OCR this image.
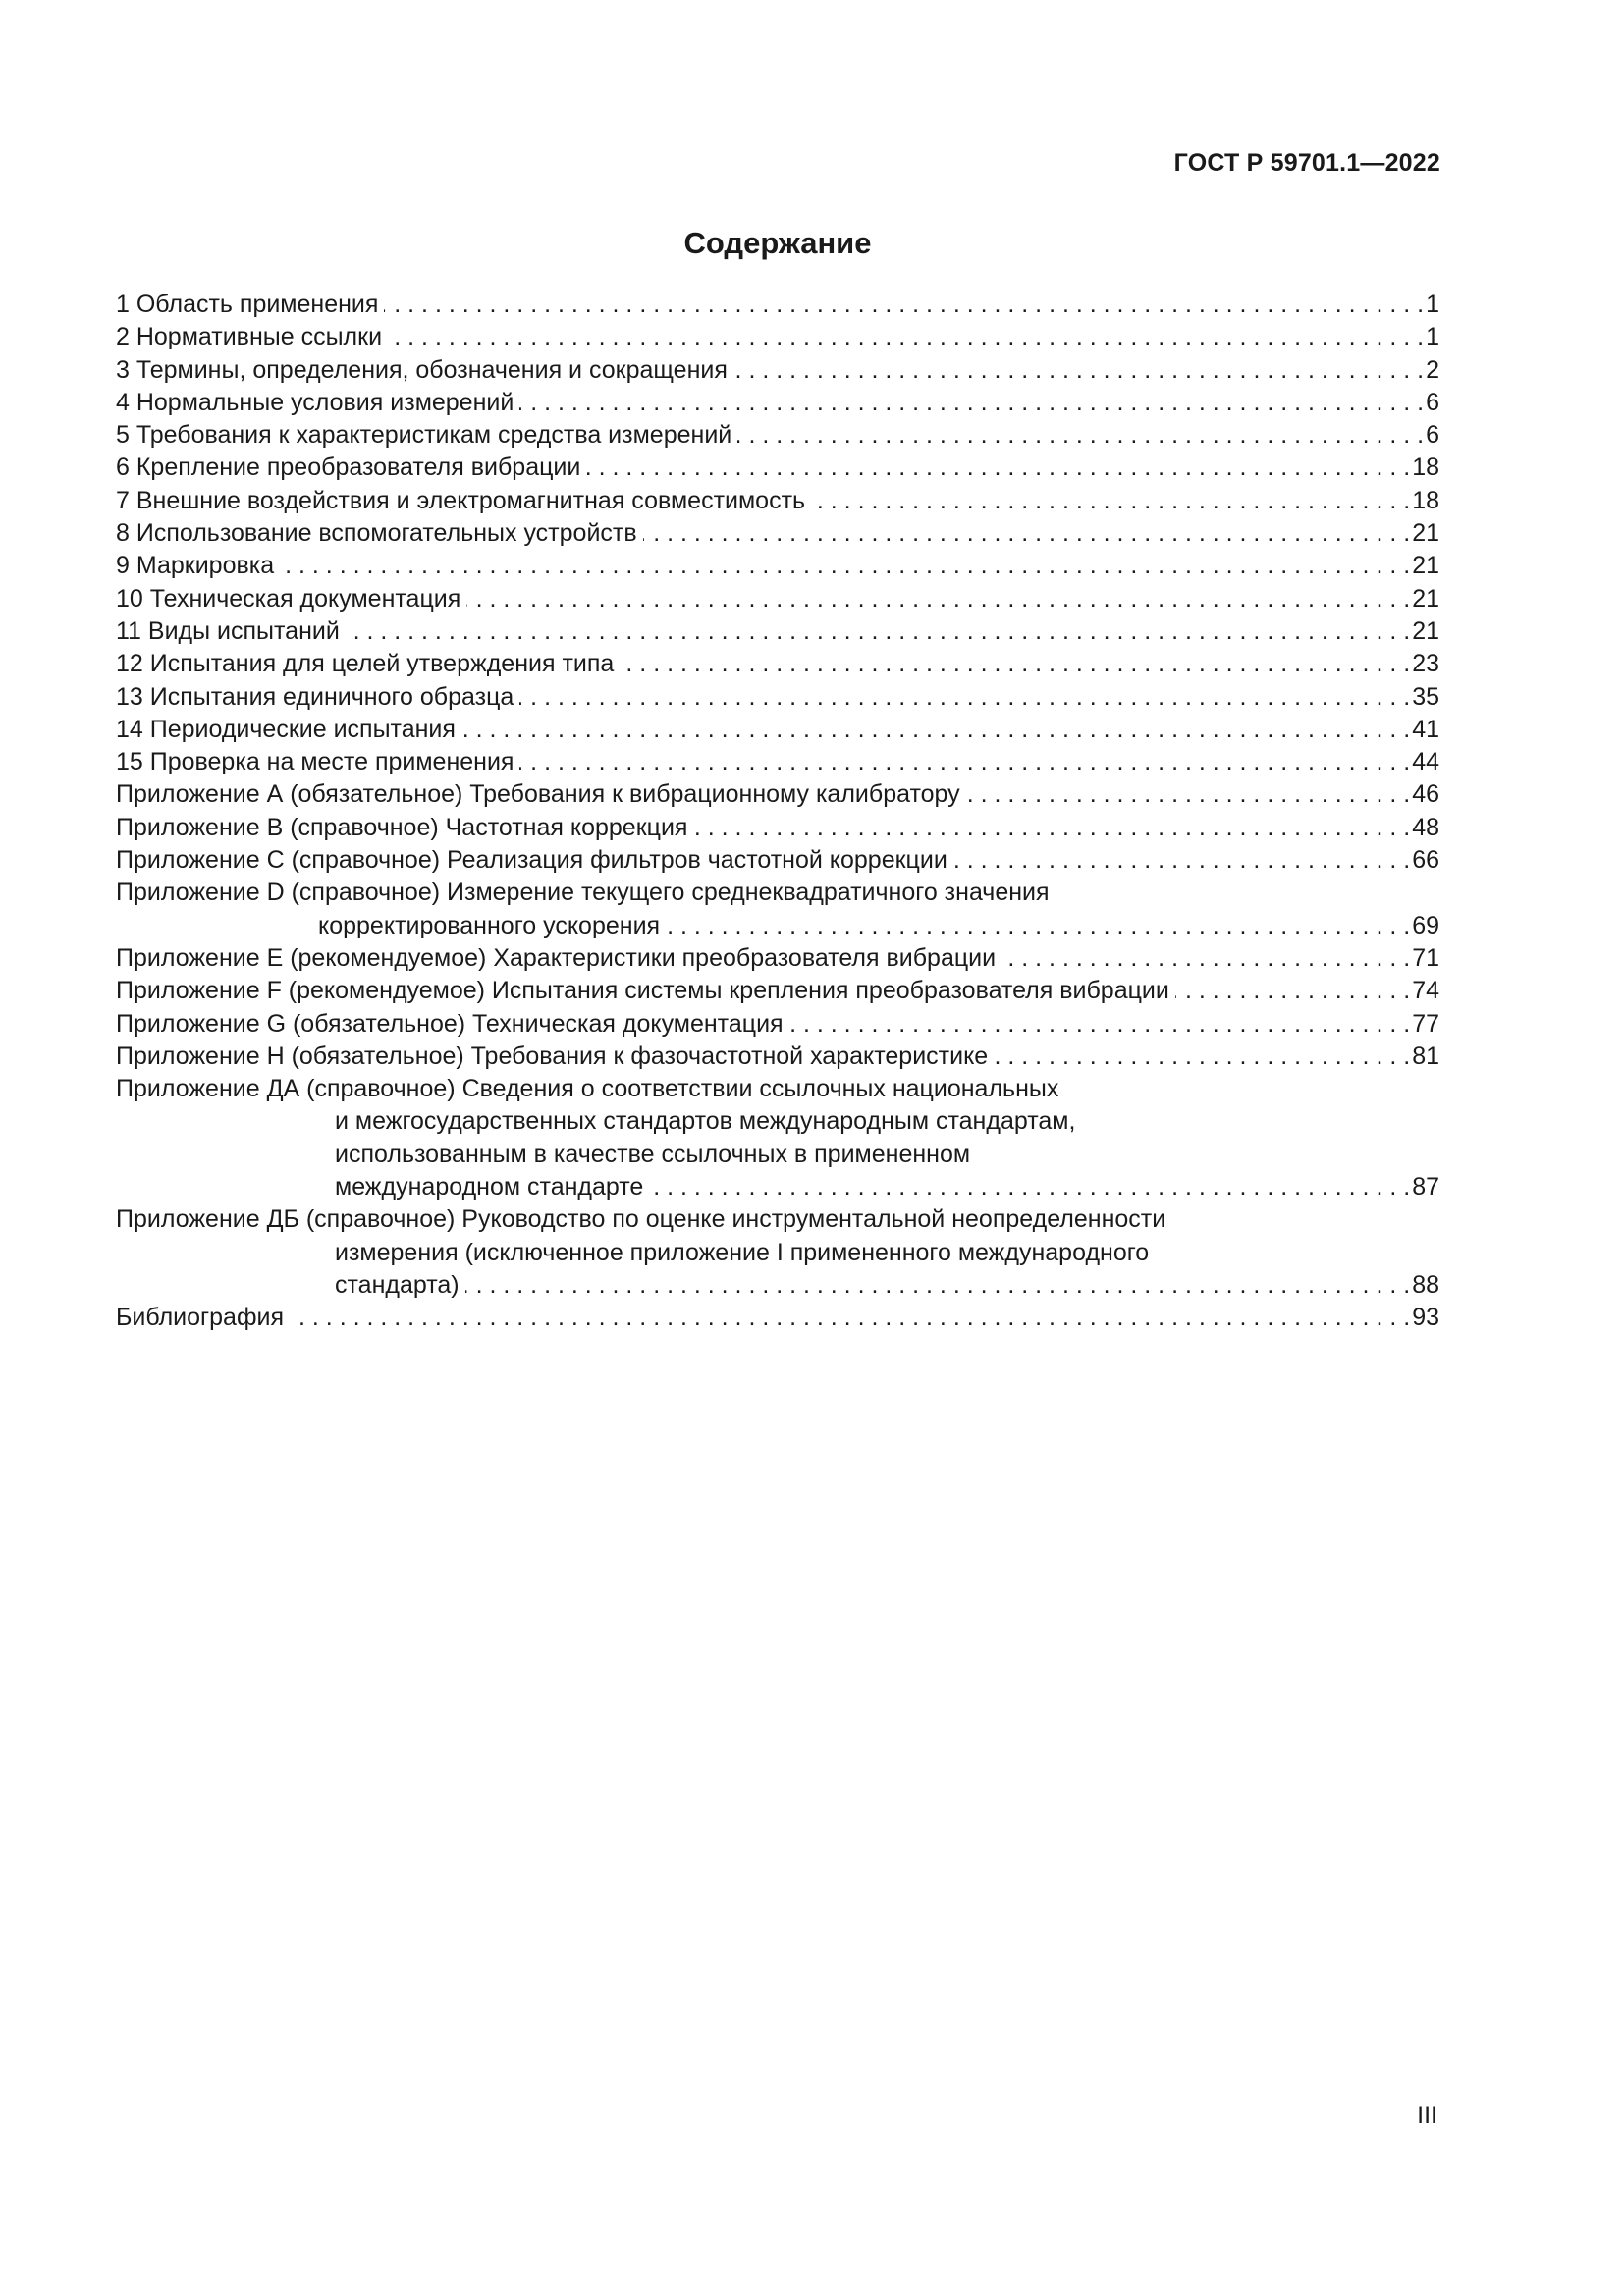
ГОСТ Р 59701.1—2022
Содержание
1 Область применения . . .	1
2 Нормативные ссылки . . .	1
3 Термины, определения, обозначения и сокращения . . .	2
4 Нормальные условия измерений . . .	6
5 Требования к характеристикам средства измерений . . .	6
6 Крепление преобразователя вибрации . . .	18
7 Внешние воздействия и электромагнитная совместимость . . .	18
8 Использование вспомогательных устройств . . .	21
9 Маркировка . . .	21
10 Техническая документация . . .	21
11 Виды испытаний . . .	21
12 Испытания для целей утверждения типа . . .	23
13 Испытания единичного образца . . .	35
14 Периодические испытания . . .	41
15 Проверка на месте применения . . .	44
Приложение А (обязательное) Требования к вибрационному калибратору . . .	46
Приложение В (справочное) Частотная коррекция . . .	48
Приложение С (справочное) Реализация фильтров частотной коррекции . . .	66
Приложение D (справочное) Измерение текущего среднеквадратичного значения
корректированного ускорения . . .	69
Приложение Е (рекомендуемое) Характеристики преобразователя вибрации . . .	71
Приложение F (рекомендуемое) Испытания системы крепления преобразователя вибрации . . .	74
Приложение G (обязательное) Техническая документация . . .	77
Приложение Н (обязательное) Требования к фазочастотной характеристике . . .	81
Приложение ДА (справочное) Сведения о соответствии ссылочных национальных
и межгосударственных стандартов международным стандартам,
использованным в качестве ссылочных в примененном
международном стандарте . . .	87
Приложение ДБ (справочное) Руководство по оценке инструментальной неопределенности
измерения (исключенное приложение I примененного международного
стандарта) . . .	88
Библиография . . .	93
III
